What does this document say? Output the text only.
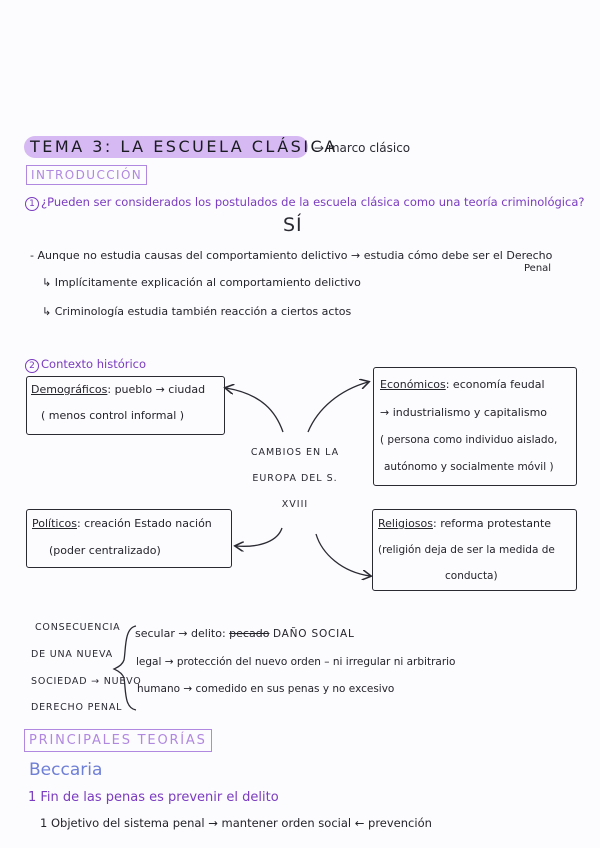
TEMA 3: LA ESCUELA CLÁSICA
→ marco clásico
INTRODUCCIÓN
1 ¿Pueden ser considerados los postulados de la escuela clásica como una teoría criminológica?
SÍ
- Aunque no estudia causas del comportamiento delictivo → estudia cómo debe ser el Derecho
Penal
↳ Implícitamente explicación al comportamiento delictivo
↳ Criminología estudia también reacción a ciertos actos
2 Contexto histórico
Demográficos: pueblo → ciudad
( menos control informal )
Económicos: economía feudal
→ industrialismo y capitalismo
( persona como individuo aislado,
autónomo y socialmente móvil )
Políticos: creación Estado nación
(poder centralizado)
Religiosos: reforma protestante
(religión deja de ser la medida de
conducta)
CAMBIOS EN LA EUROPA DEL S. XVIII
CONSECUENCIA
DE UNA NUEVA
SOCIEDAD → NUEVO
DERECHO PENAL
secular → delito: pecado DAÑO SOCIAL
legal → protección del nuevo orden – ni irregular ni arbitrario
humano → comedido en sus penas y no excesivo
PRINCIPALES TEORÍAS
Beccaria
1 Fin de las penas es prevenir el delito
1 Objetivo del sistema penal → mantener orden social ← prevención
